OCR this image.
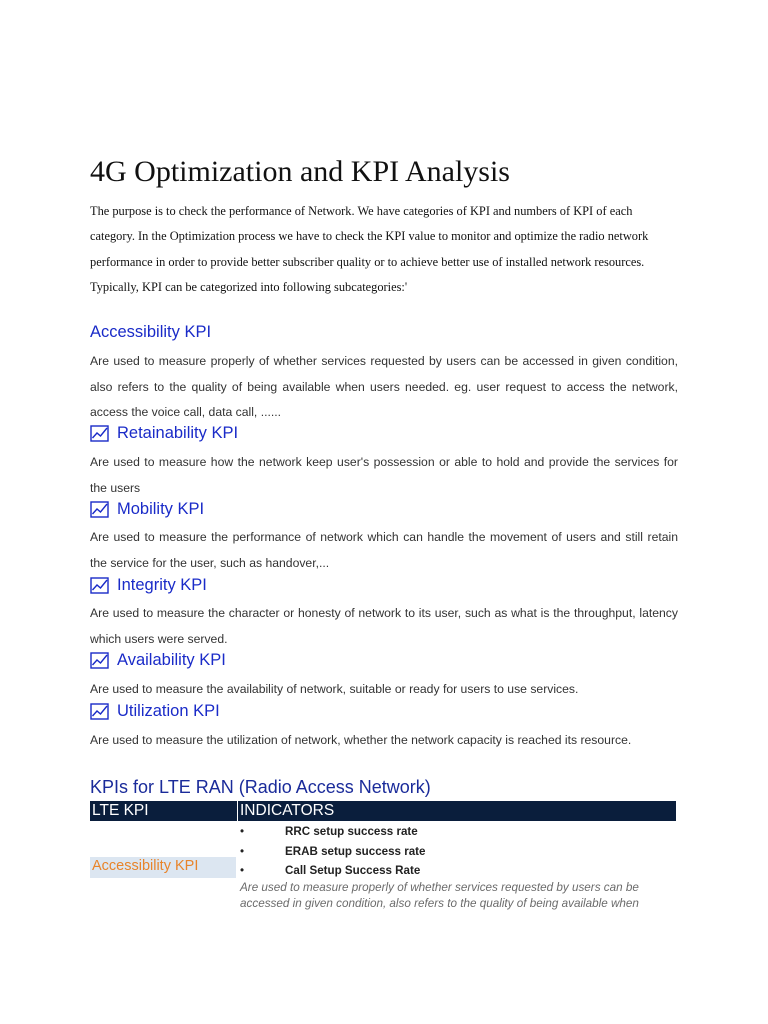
4G Optimization and KPI Analysis

The purpose is to check the performance of Network. We have categories of KPI and numbers of KPI of each category. In the Optimization process we have to check the KPI value to monitor and optimize the radio network performance in order to provide better subscriber quality or to achieve better use of installed network resources. Typically, KPI can be categorized into following subcategories:'

Accessibility KPI

Are used to measure properly of whether services requested by users can be accessed in given condition, also refers to the quality of being available when users needed. eg. user request to access the network, access the voice call, data call, ......

Retainability KPI

Are used to measure how the network keep user's possession or able to hold and provide the services for the users

Mobility KPI

Are used to measure the performance of network which can handle the movement of users and still retain the service for the user, such as handover,...

Integrity KPI

Are used to measure the character or honesty of network to its user, such as what is the throughput, latency which users were served.

Availability KPI

Are used to measure the availability of network, suitable or ready for users to use services.

Utilization KPI

Are used to measure the utilization of network, whether the network capacity is reached its resource.

KPIs for LTE RAN (Radio Access Network)
LTE KPI	INDICATORS
Accessibility KPI
•	RRC setup success rate
•	ERAB setup success rate
•	Call Setup Success Rate

Are used to measure properly of whether services requested by users can be accessed in given condition, also refers to the quality of being available when
